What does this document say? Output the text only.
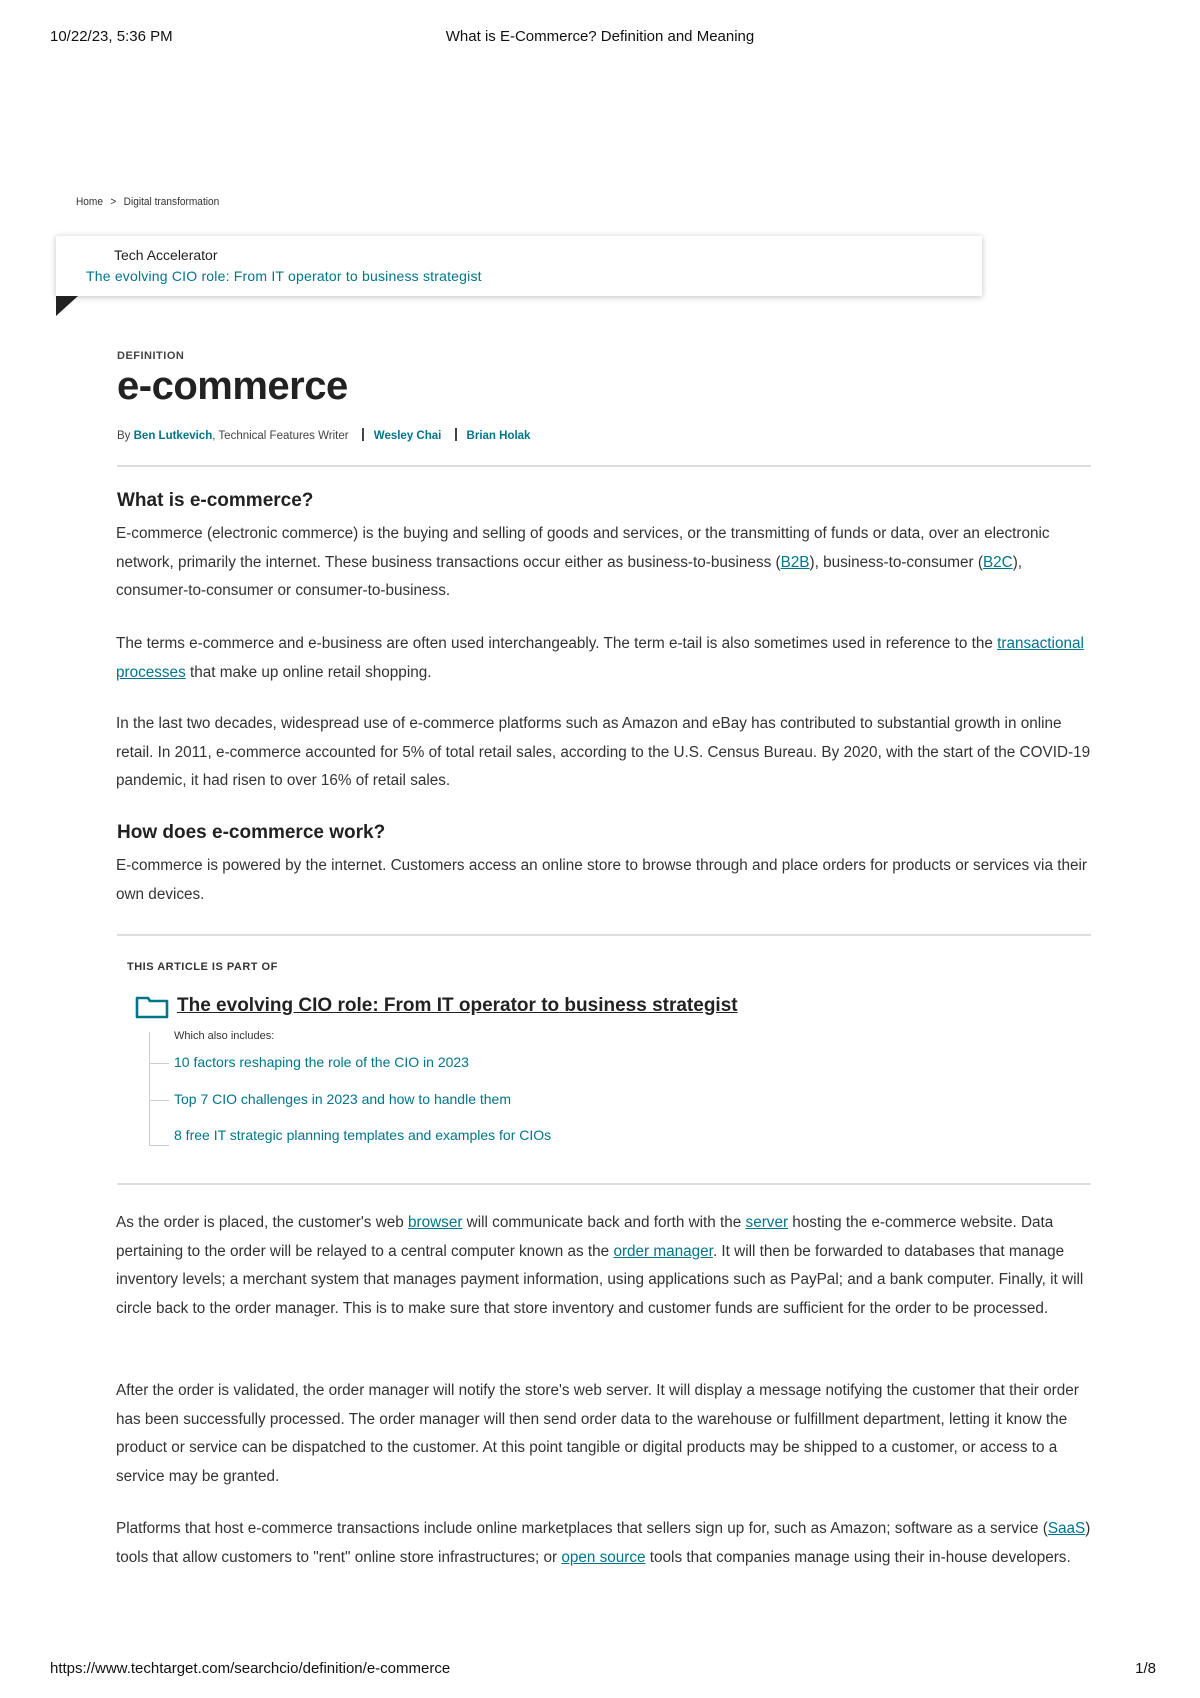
10/22/23, 5:36 PM	What is E-Commerce? Definition and Meaning
Home > Digital transformation
Tech Accelerator
The evolving CIO role: From IT operator to business strategist
DEFINITION
e-commerce
By Ben Lutkevich, Technical Features Writer Wesley Chai Brian Holak
What is e-commerce?

E-commerce (electronic commerce) is the buying and selling of goods and services, or the transmitting of funds or data, over an electronic network, primarily the internet. These business transactions occur either as business-to-business (B2B), business-to-consumer (B2C), consumer-to-consumer or consumer-to-business.

The terms e-commerce and e-business are often used interchangeably. The term e-tail is also sometimes used in reference to the transactional processes that make up online retail shopping.

In the last two decades, widespread use of e-commerce platforms such as Amazon and eBay has contributed to substantial growth in online retail. In 2011, e-commerce accounted for 5% of total retail sales, according to the U.S. Census Bureau. By 2020, with the start of the COVID-19 pandemic, it had risen to over 16% of retail sales.

How does e-commerce work?

E-commerce is powered by the internet. Customers access an online store to browse through and place orders for products or services via their own devices.

THIS ARTICLE IS PART OF
The evolving CIO role: From IT operator to business strategist
Which also includes:
10 factors reshaping the role of the CIO in 2023
Top 7 CIO challenges in 2023 and how to handle them
8 free IT strategic planning templates and examples for CIOs

As the order is placed, the customer's web browser will communicate back and forth with the server hosting the e-commerce website. Data pertaining to the order will be relayed to a central computer known as the order manager. It will then be forwarded to databases that manage inventory levels; a merchant system that manages payment information, using applications such as PayPal; and a bank computer. Finally, it will circle back to the order manager. This is to make sure that store inventory and customer funds are sufficient for the order to be processed.

After the order is validated, the order manager will notify the store's web server. It will display a message notifying the customer that their order has been successfully processed. The order manager will then send order data to the warehouse or fulfillment department, letting it know the product or service can be dispatched to the customer. At this point tangible or digital products may be shipped to a customer, or access to a service may be granted.

Platforms that host e-commerce transactions include online marketplaces that sellers sign up for, such as Amazon; software as a service (SaaS) tools that allow customers to "rent" online store infrastructures; or open source tools that companies manage using their in-house developers.

https://www.techtarget.com/searchcio/definition/e-commerce	1/8
